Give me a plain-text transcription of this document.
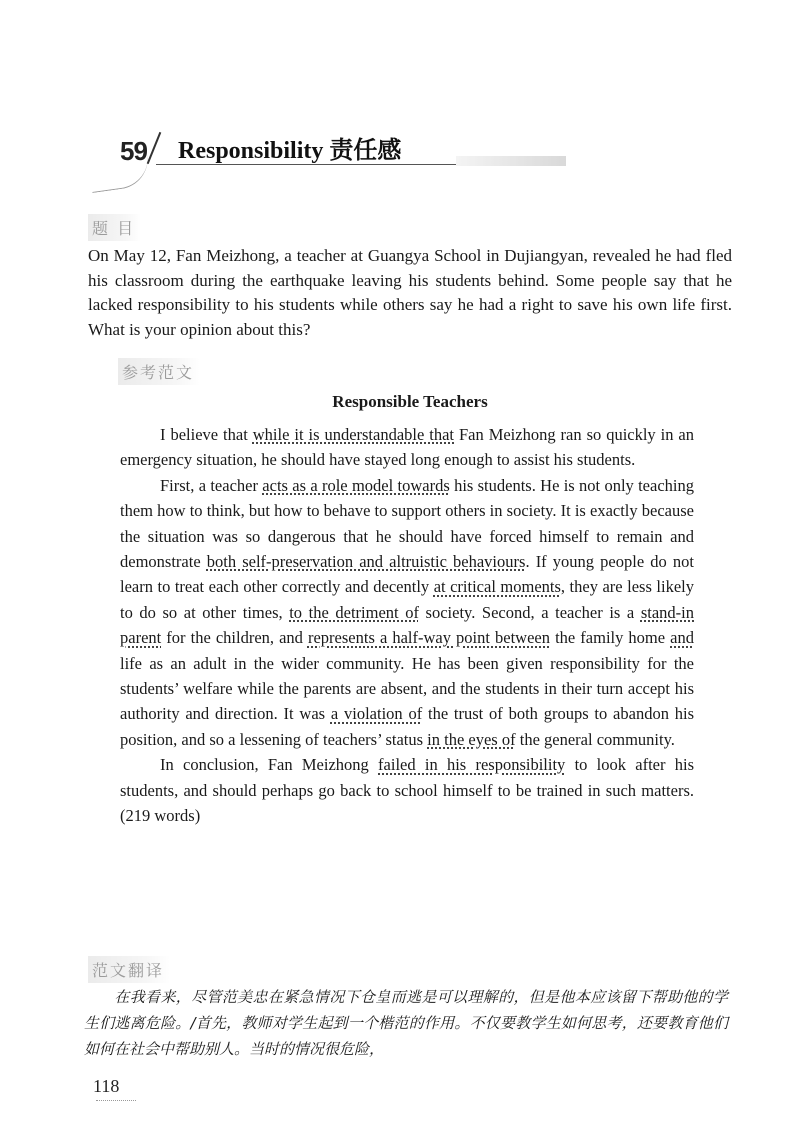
59 Responsibility 责任感
题 目
On May 12, Fan Meizhong, a teacher at Guangya School in Dujiangyan, revealed he had fled his classroom during the earthquake leaving his students behind. Some people say that he lacked responsibility to his students while others say he had a right to save his own life first. What is your opinion about this?
参考范文
Responsible Teachers

I believe that while it is understandable that Fan Meizhong ran so quickly in an emergency situation, he should have stayed long enough to assist his students.

First, a teacher acts as a role model towards his students. He is not only teaching them how to think, but how to behave to support others in society. It is exactly because the situation was so dangerous that he should have forced himself to remain and demonstrate both self-preservation and altruistic behaviours. If young people do not learn to treat each other correctly and decently at critical moments, they are less likely to do so at other times, to the detriment of society. Second, a teacher is a stand-in parent for the children, and represents a half-way point between the family home and life as an adult in the wider community. He has been given responsibility for the students’ welfare while the parents are absent, and the students in their turn accept his authority and direction. It was a violation of the trust of both groups to abandon his position, and so a lessening of teachers’ status in the eyes of the general community.

In conclusion, Fan Meizhong failed in his responsibility to look after his students, and should perhaps go back to school himself to be trained in such matters. (219 words)

范文翻译
在我看来，尽管范美忠在紧急情况下仓皇而逃是可以理解的，但是他本应该留下帮助他的学生们逃离危险。/首先，教师对学生起到一个楷范的作用。不仅要教学生如何思考，还要教育他们如何在社会中帮助别人。当时的情况很危险，
118
